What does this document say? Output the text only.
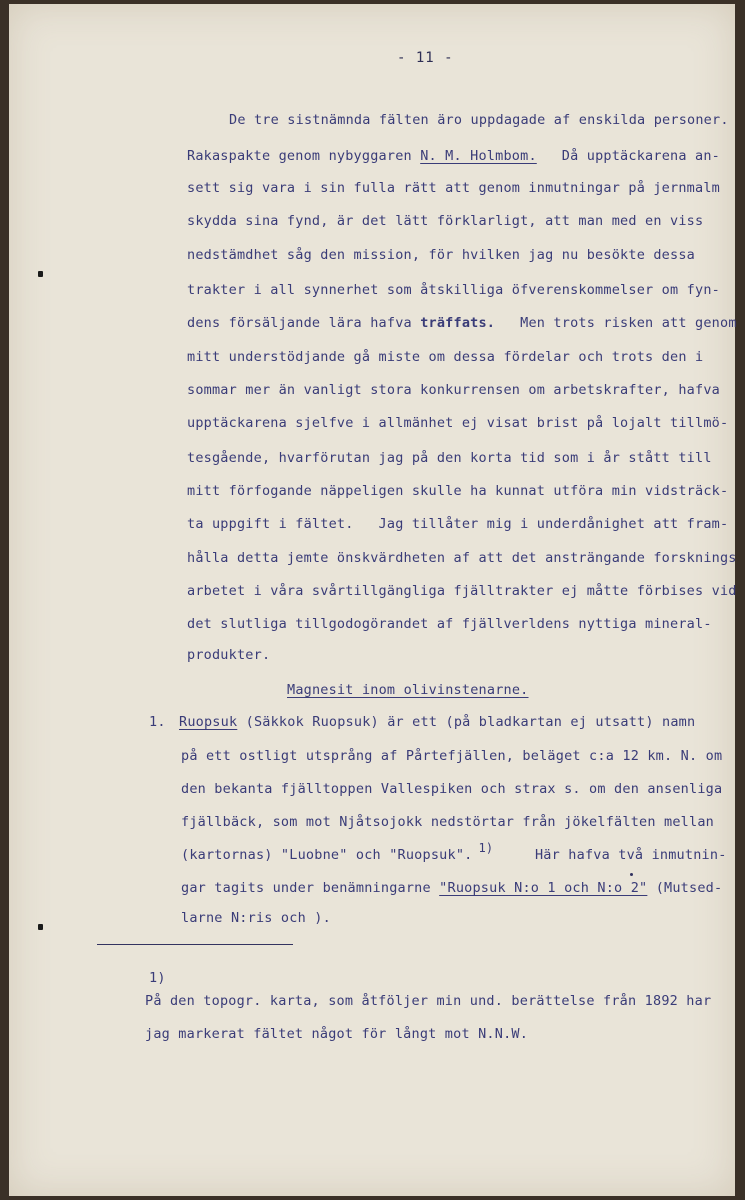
- 11 -
De tre sistnämnda fälten äro uppdagade af enskilda personer.
Rakaspakte genom nybyggaren N. M. Holmbom. Då upptäckarena an-
sett sig vara i sin fulla rätt att genom inmutningar på jernmalm
skydda sina fynd, är det lätt förklarligt, att man med en viss
nedstämdhet såg den mission, för hvilken jag nu besökte dessa
trakter i all synnerhet som åtskilliga öfverenskommelser om fyn-
dens försäljande lära hafva träffats. Men trots risken att genom
mitt understödjande gå miste om dessa fördelar och trots den i
sommar mer än vanligt stora konkurrensen om arbetskrafter, hafva
upptäckarena sjelfve i allmänhet ej visat brist på lojalt tillmö-
tesgående, hvarförutan jag på den korta tid som i år stått till
mitt förfogande näppeligen skulle ha kunnat utföra min vidsträck-
ta uppgift i fältet. Jag tillåter mig i underdånighet att fram-
hålla detta jemte önskvärdheten af att det ansträngande forsknings
arbetet i våra svårtillgängliga fjälltrakter ej måtte förbises vid
det slutliga tillgodogörandet af fjällverldens nyttiga mineral-
produkter.
Magnesit inom olivinstenarne.
1. Ruopsuk (Säkkok Ruopsuk) är ett (på bladkartan ej utsatt) namn
på ett ostligt utsprång af Pårtefjällen, beläget c:a 12 km. N. om
den bekanta fjälltoppen Vallespiken och strax s. om den ansenliga
fjällbäck, som mot Njåtsojokk nedstörtar från jökelfälten mellan
(kartornas) "Luobne" och "Ruopsuk". 1)	Här hafva två inmutnin-
gar tagits under benämningarne "Ruopsuk N:o 1 och N:o 2" (Mutsed-
larne N:ris och ).
1)
På den topogr. karta, som åtföljer min und. berättelse från 1892 har
jag markerat fältet något för långt mot N.N.W.
